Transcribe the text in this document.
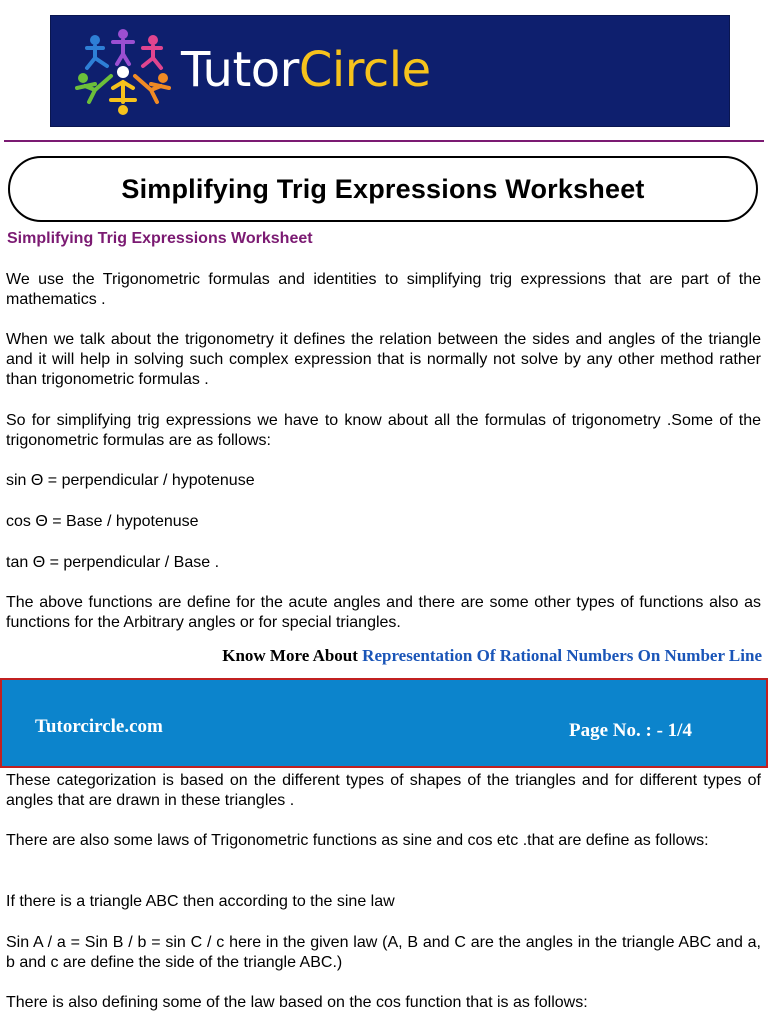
TutorCircle
Simplifying Trig Expressions Worksheet
Simplifying Trig Expressions Worksheet
We use the Trigonometric formulas and identities to simplifying trig expressions that are part of the mathematics .
When we talk about the trigonometry it defines the relation between the sides and angles of the triangle and it will help in solving such complex expression that is normally not solve by any other method rather than trigonometric formulas .
So for simplifying trig expressions we have to know about all the formulas of trigonometry .Some of the trigonometric formulas are as follows:
sin Θ = perpendicular / hypotenuse
cos Θ = Base / hypotenuse
tan Θ = perpendicular / Base .
The above functions are define for the acute angles and there are some other types of functions also as functions for the Arbitrary angles or for special triangles.
Know More About Representation Of Rational Numbers On Number Line
Tutorcircle.com	Page No. : - 1/4
These categorization is based on the different types of shapes of the triangles and for different types of angles that are drawn in these triangles .
There are also some laws of Trigonometric functions as sine and cos etc .that are define as follows:
If there is a triangle ABC then according to the sine law
Sin A / a = Sin B / b = sin C / c here in the given law (A, B and C are the angles in the triangle ABC and a, b and c are define the side of the triangle ABC.)
There is also defining some of the law based on the cos function that is as follows:
